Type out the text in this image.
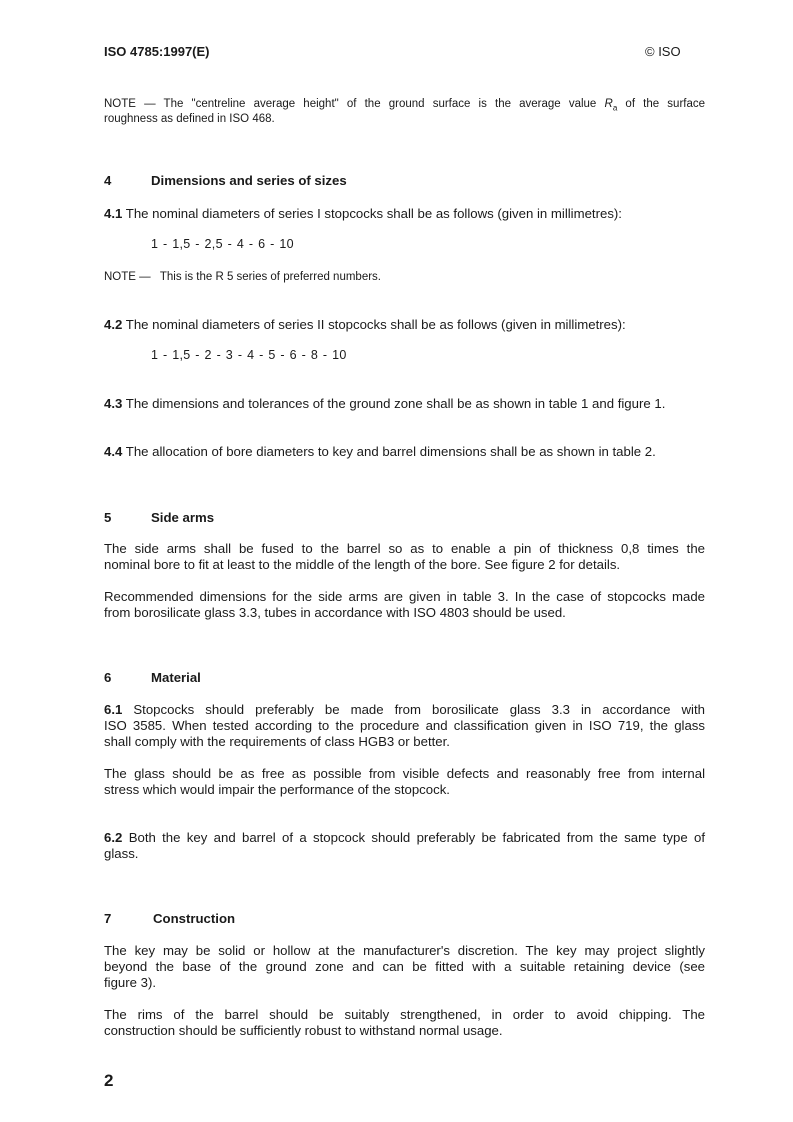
ISO 4785:1997(E)	© ISO
NOTE — The "centreline average height" of the ground surface is the average value $R_a$ of the surface
roughness as defined in ISO 468.
4	Dimensions and series of sizes
4.1 The nominal diameters of series I stopcocks shall be as follows (given in millimetres):
1 - 1,5 - 2,5 - 4 - 6 - 10
NOTE — This is the R 5 series of preferred numbers.
4.2 The nominal diameters of series II stopcocks shall be as follows (given in millimetres):
1 - 1,5 - 2 - 3 - 4 - 5 - 6 - 8 - 10
4.3 The dimensions and tolerances of the ground zone shall be as shown in table 1 and figure 1.
4.4 The allocation of bore diameters to key and barrel dimensions shall be as shown in table 2.
5	Side arms
The side arms shall be fused to the barrel so as to enable a pin of thickness 0,8 times the
nominal bore to fit at least to the middle of the length of the bore. See figure 2 for details.
Recommended dimensions for the side arms are given in table 3. In the case of stopcocks made
from borosilicate glass 3.3, tubes in accordance with ISO 4803 should be used.
6	Material
6.1 Stopcocks should preferably be made from borosilicate glass 3.3 in accordance with
ISO 3585. When tested according to the procedure and classification given in ISO 719, the glass
shall comply with the requirements of class HGB3 or better.
The glass should be as free as possible from visible defects and reasonably free from internal
stress which would impair the performance of the stopcock.
6.2 Both the key and barrel of a stopcock should preferably be fabricated from the same type of
glass.
7	Construction
The key may be solid or hollow at the manufacturer's discretion. The key may project slightly
beyond the base of the ground zone and can be fitted with a suitable retaining device (see
figure 3).
The rims of the barrel should be suitably strengthened, in order to avoid chipping. The
construction should be sufficiently robust to withstand normal usage.
2
